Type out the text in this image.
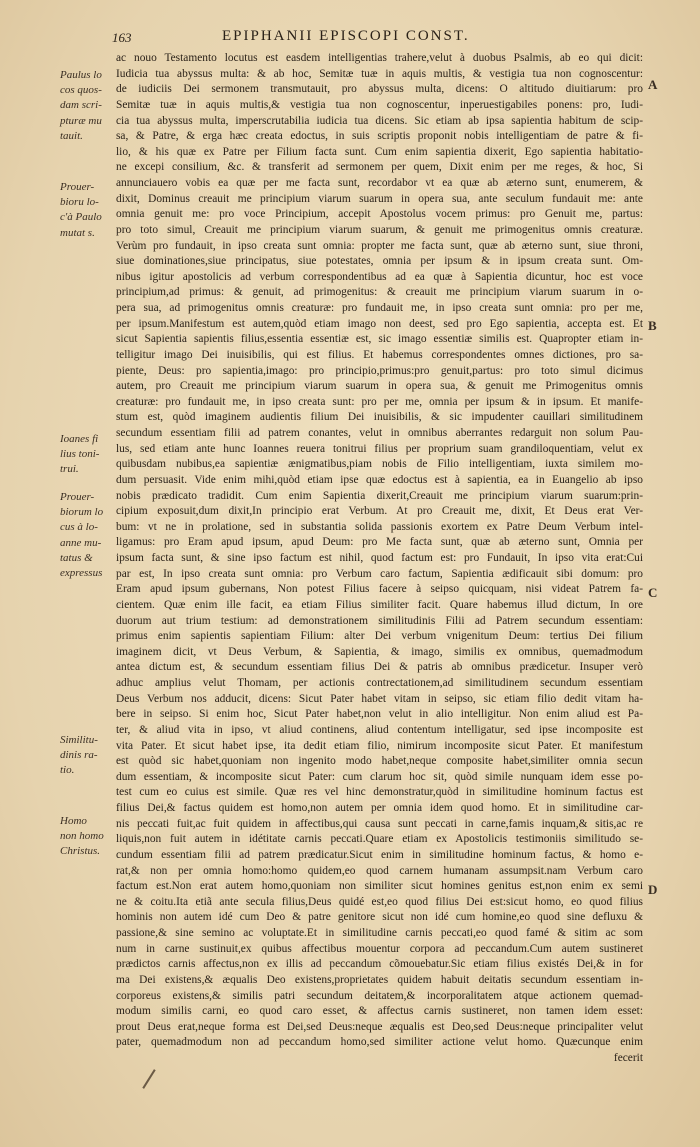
163	EPIPHANII EPISCOPI CONST.
Paulus lo
cos quos-
dam scri-
pturæ mu
tauit.
Prouer-
bioru lo-
c'à Paulo
mutat s.
Ioanes fi
lius toni-
trui.
Prouer-
biorum lo
cus à lo-
anne mu-
tatus &
expressus
Similitu-
dinis ra-
tio.
Homo
non homo
Christus.
A
B
C
D
ac nouo Testamento locutus est easdem intelligentias trahere,velut à duobus Psalmis, ab eo qui dicit:
Iudicia tua abyssus multa: & ab hoc, Semitæ tuæ in aquis multis, & vestigia tua non cognoscentur:
de iudiciis Dei sermonem transmutauit, pro abyssus multa, dicens: O altitudo diuitiarum: pro
Semitæ tuæ in aquis multis,& vestigia tua non cognoscentur, inperuestigabiles ponens: pro, Iudi-
cia tua abyssus multa, imperscrutabilia iudicia tua dicens. Sic etiam ab ipsa sapientia habitum de scip-
sa, & Patre, & erga hæc creata edoctus, in suis scriptis proponit nobis intelligentiam de patre & fi-
lio, & his quæ ex Patre per Filium facta sunt. Cum enim sapientia dixerit, Ego sapientia habitatio-
ne excepi consilium, &c. & transferit ad sermonem per quem, Dixit enim per me reges, & hoc, Si
annunciauero vobis ea quæ per me facta sunt, recordabor vt ea quæ ab æterno sunt, enumerem, &
dixit, Dominus creauit me principium viarum suarum in opera sua, ante seculum fundauit me: ante
omnia genuit me: pro voce Principium, accepit Apostolus vocem primus: pro Genuit me, partus:
pro toto simul, Creauit me principium viarum suarum, & genuit me primogenitus omnis creaturæ.
Verùm pro fundauit, in ipso creata sunt omnia: propter me facta sunt, quæ ab æterno sunt, siue throni,
siue dominationes,siue principatus, siue potestates, omnia per ipsum & in ipsum creata sunt. Om-
nibus igitur apostolicis ad verbum correspondentibus ad ea quæ à Sapientia dicuntur, hoc est voce
principium,ad primus: & genuit, ad primogenitus: & creauit me principium viarum suarum in o-
pera sua, ad primogenitus omnis creaturæ: pro fundauit me, in ipso creata sunt omnia: pro per me,
per ipsum.Manifestum est autem,quòd etiam imago non deest, sed pro Ego sapientia, accepta est. Et
sicut Sapientia sapientis filius,essentia essentiæ est, sic imago essentiæ similis est. Quapropter etiam in-
telligitur imago Dei inuisibilis, qui est filius. Et habemus correspondentes omnes dictiones, pro sa-
piente, Deus: pro sapientia,imago: pro principio,primus:pro genuit,partus: pro toto simul dicimus
autem, pro Creauit me principium viarum suarum in opera sua, & genuit me Primogenitus omnis
creaturæ: pro fundauit me, in ipso creata sunt: pro per me, omnia per ipsum & in ipsum. Et manife-
stum est, quòd imaginem audientis filium Dei inuisibilis, & sic impudenter cauillari similitudinem
secundum essentiam filii ad patrem conantes, velut in omnibus aberrantes redarguit non solum Pau-
lus, sed etiam ante hunc Ioannes reuera tonitrui filius per proprium suam grandiloquentiam, velut ex
quibusdam nubibus,ea sapientiæ ænigmatibus,piam nobis de Filio intelligentiam, iuxta similem mo-
dum persuasit. Vide enim mihi,quòd etiam ipse quæ edoctus est à sapientia, ea in Euangelio ab ipso
nobis prædicato tradidit. Cum enim Sapientia dixerit,Creauit me principium viarum suarum:prin-
cipium exposuit,dum dixit,In principio erat Verbum. At pro Creauit me, dixit, Et Deus erat Ver-
bum: vt ne in prolatione, sed in substantia solida passionis exortem ex Patre Deum Verbum intel-
ligamus: pro Eram apud ipsum, apud Deum: pro Me facta sunt, quæ ab æterno sunt, Omnia per
ipsum facta sunt, & sine ipso factum est nihil, quod factum est: pro Fundauit, In ipso vita erat:Cui
par est, In ipso creata sunt omnia: pro Verbum caro factum, Sapientia ædificauit sibi domum: pro
Eram apud ipsum gubernans, Non potest Filius facere à seipso quicquam, nisi videat Patrem fa-
cientem. Quæ enim ille facit, ea etiam Filius similiter facit. Quare habemus illud dictum, In ore
duorum aut trium testium: ad demonstrationem similitudinis Filii ad Patrem secundum essentiam:
primus enim sapientis sapientiam Filium: alter Dei verbum vnigenitum Deum: tertius Dei filium
imaginem dicit, vt Deus Verbum, & Sapientia, & imago, similis ex omnibus, quemadmodum
antea dictum est, & secundum essentiam filius Dei & patris ab omnibus prædicetur. Insuper verò
adhuc amplius velut Thomam, per actionis contrectationem,ad similitudinem secundum essentiam
Deus Verbum nos adducit, dicens: Sicut Pater habet vitam in seipso, sic etiam filio dedit vitam ha-
bere in seipso. Si enim hoc, Sicut Pater habet,non velut in alio intelligitur. Non enim aliud est Pa-
ter, & aliud vita in ipso, vt aliud continens, aliud contentum intelligatur, sed ipse incomposite est
vita Pater. Et sicut habet ipse, ita dedit etiam filio, nimirum incomposite sicut Pater. Et manifestum
est quòd sic habet,quoniam non ingenito modo habet,neque composite habet,similiter omnia secun
dum essentiam, & incomposite sicut Pater: cum clarum hoc sit, quòd simile nunquam idem esse po-
test cum eo cuius est simile. Quæ res vel hinc demonstratur,quòd in similitudine hominum factus est
filius Dei,& factus quidem est homo,non autem per omnia idem quod homo. Et in similitudine car-
nis peccati fuit,ac fuit quidem in affectibus,qui causa sunt peccati in carne,famis inquam,& sitis,ac re
liquis,non fuit autem in idétitate carnis peccati.Quare etiam ex Apostolicis testimoniis similitudo se-
cundum essentiam filii ad patrem prædicatur.Sicut enim in similitudine hominum factus, & homo e-
rat,& non per omnia homo:homo quidem,eo quod carnem humanam assumpsit.nam Verbum caro
factum est.Non erat autem homo,quoniam non similiter sicut homines genitus est,non enim ex semi
ne & coitu.Ita etiã ante secula filius,Deus quidé est,eo quod filius Dei est:sicut homo, eo quod filius
hominis non autem idé cum Deo & patre genitore sicut non idé cum homine,eo quod sine defluxu &
passione,& sine semino ac voluptate.Et in similitudine carnis peccati,eo quod famé & sitim ac som
num in carne sustinuit,ex quibus affectibus mouentur corpora ad peccandum.Cum autem sustineret
prædictos carnis affectus,non ex illis ad peccandum cõmouebatur.Sic etiam filius existés Dei,& in for
ma Dei existens,& æqualis Deo existens,proprietates quidem habuit deitatis secundum essentiam in-
corporeus existens,& similis patri secundum deitatem,& incorporalitatem atque actionem quemad-
modum similis carni, eo quod caro esset, & affectus carnis sustineret, non tamen idem esset:
prout Deus erat,neque forma est Dei,sed Deus:neque æqualis est Deo,sed Deus:neque principaliter velut
pater, quemadmodum non ad peccandum homo,sed similiter actione velut homo. Quæcunque enim
fecerit
